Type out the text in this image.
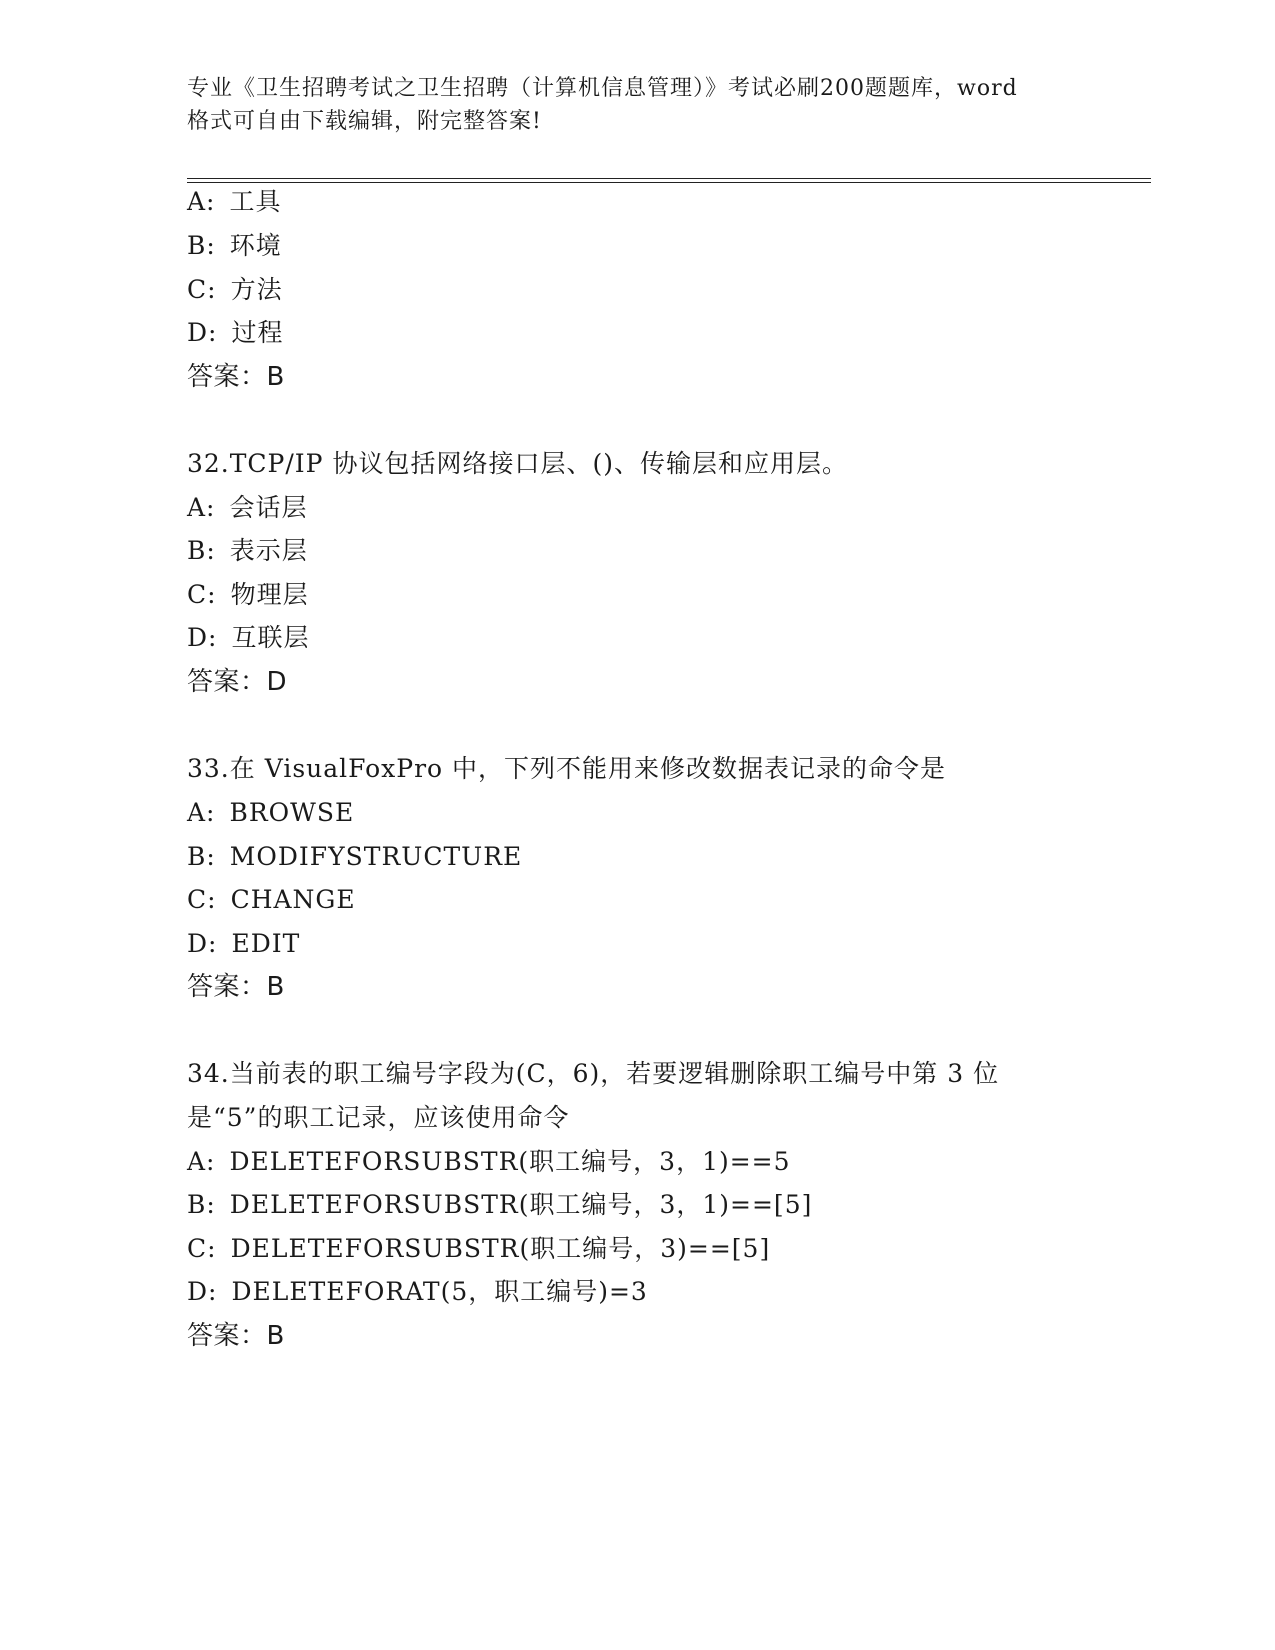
专业《卫生招聘考试之卫生招聘（计算机信息管理）》考试必刷200题题库，word
格式可自由下载编辑，附完整答案!
A: 工具
B: 环境
C: 方法
D: 过程
答案：B
32.TCP/IP 协议包括网络接口层、()、传输层和应用层。
A: 会话层
B: 表示层
C: 物理层
D: 互联层
答案：D
33.在 VisualFoxPro 中，下列不能用来修改数据表记录的命令是
A: BROWSE
B: MODIFYSTRUCTURE
C: CHANGE
D: EDIT
答案：B
34.当前表的职工编号字段为(C，6)，若要逻辑删除职工编号中第 3 位
是“5”的职工记录，应该使用命令
A: DELETEFORSUBSTR(职工编号，3，1)==5
B: DELETEFORSUBSTR(职工编号，3，1)==[5]
C: DELETEFORSUBSTR(职工编号，3)==[5]
D: DELETEFORAT(5，职工编号)=3
答案：B
